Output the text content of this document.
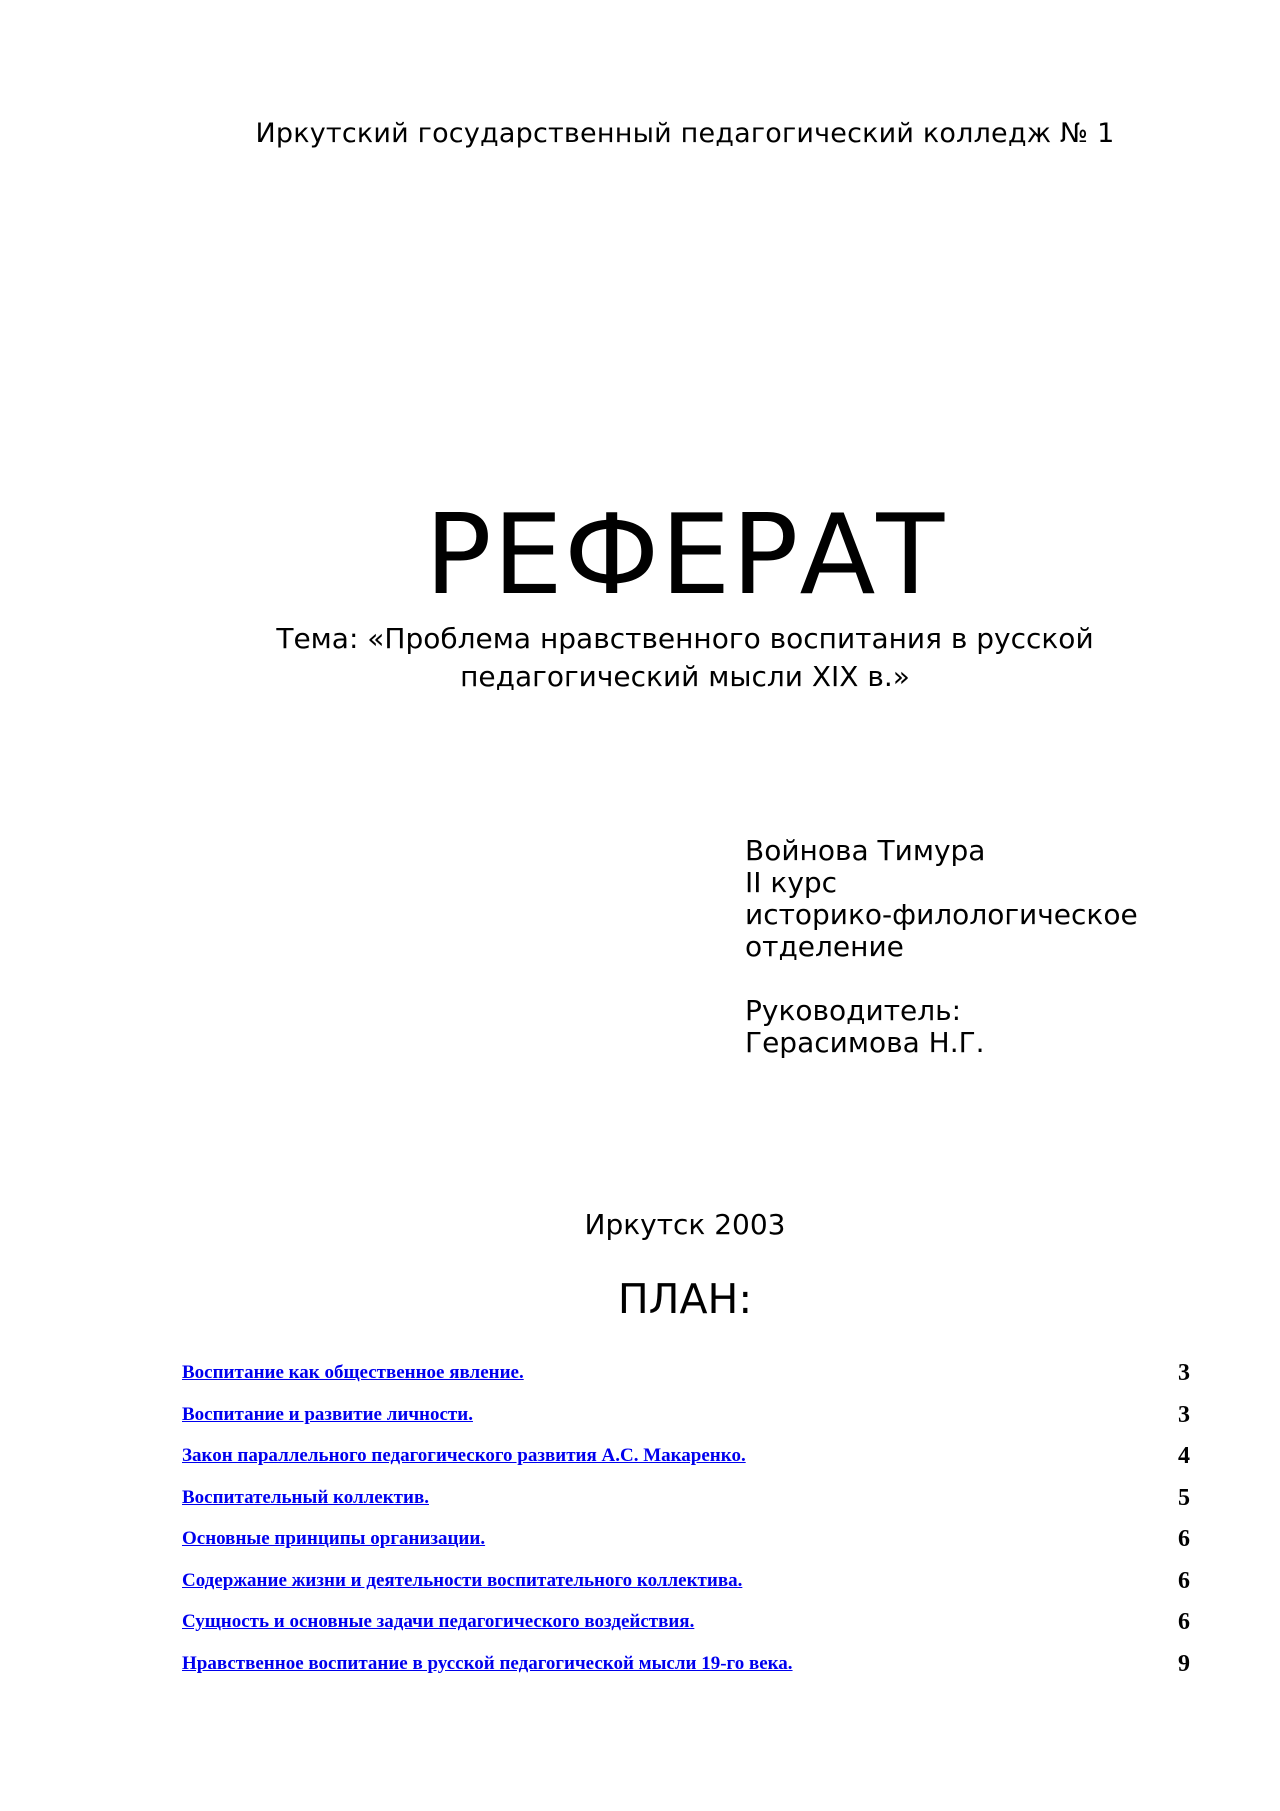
Иркутский государственный педагогический колледж № 1
РЕФЕРАТ
Тема: «Проблема нравственного воспитания в русской педагогический мысли XIX в.»
Войнова Тимура
II курс
историко-филологическое
отделение
Руководитель:
Герасимова Н.Г.
Иркутск 2003
ПЛАН:
Воспитание как общественное явление.	3
Воспитание и развитие личности.	3
Закон параллельного педагогического развития А.С. Макаренко.	4
Воспитательный коллектив.	5
Основные принципы организации.	6
Содержание жизни и деятельности воспитательного коллектива.	6
Сущность и основные задачи педагогического воздействия.	6
Нравственное воспитание в русской педагогической мысли 19-го века.	9
